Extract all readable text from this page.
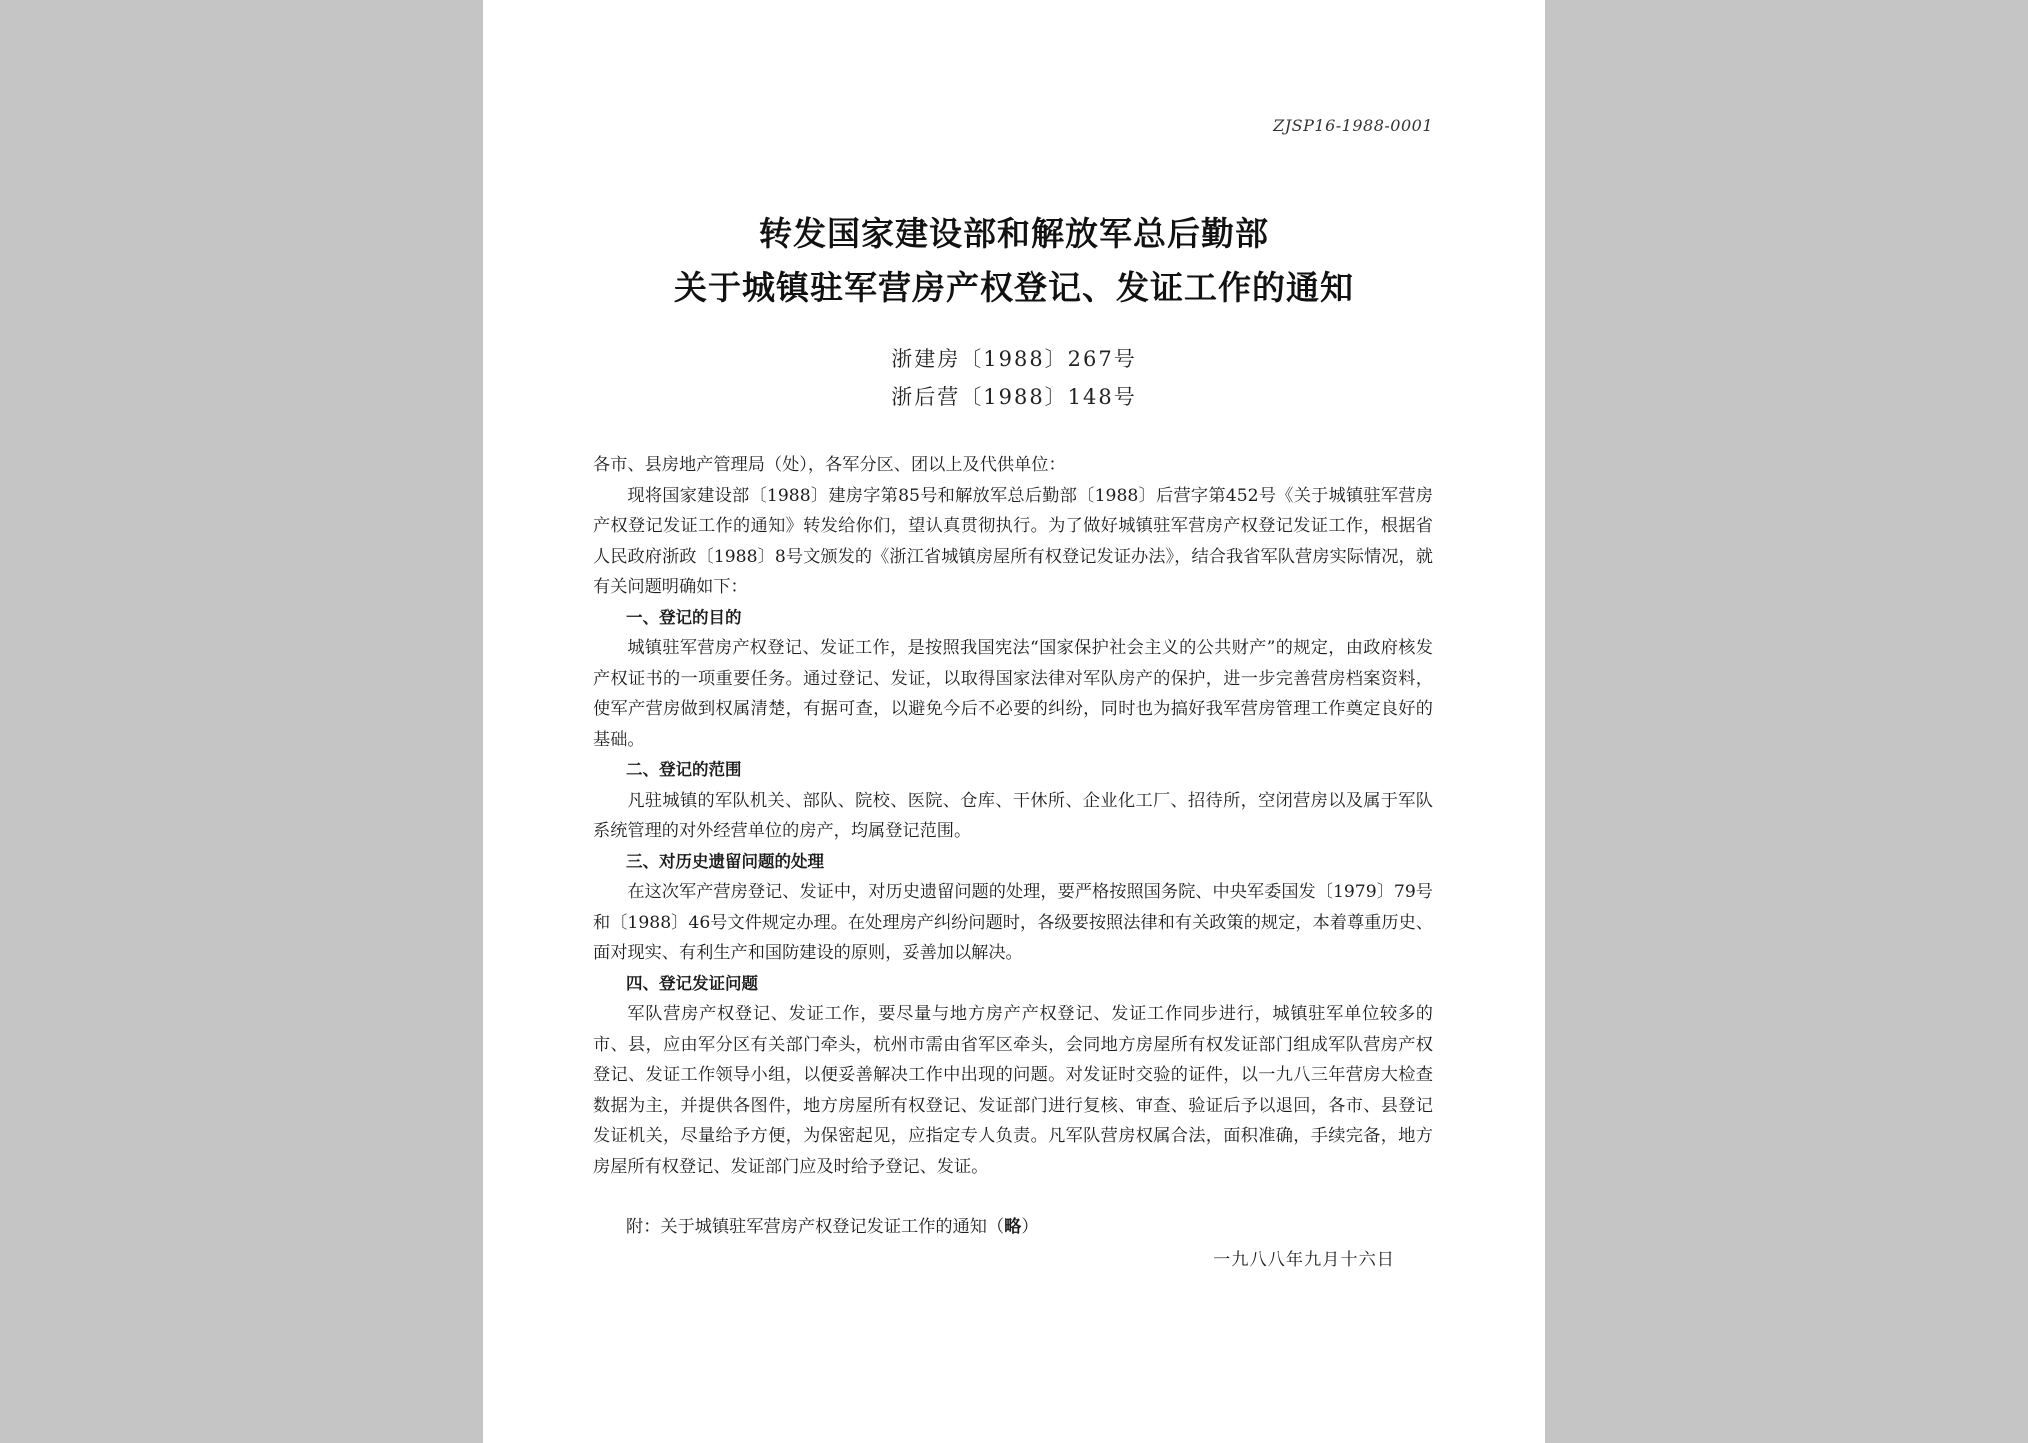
ZJSP16-1988-0001
转发国家建设部和解放军总后勤部
关于城镇驻军营房产权登记、发证工作的通知
浙建房〔1988〕267号
浙后营〔1988〕148号

各市、县房地产管理局（处），各军分区、团以上及代供单位：

现将国家建设部〔1988〕建房字第85号和解放军总后勤部〔1988〕后营字第452号《关于城镇驻军营房产权登记发证工作的通知》转发给你们，望认真贯彻执行。为了做好城镇驻军营房产权登记发证工作，根据省人民政府浙政〔1988〕8号文颁发的《浙江省城镇房屋所有权登记发证办法》，结合我省军队营房实际情况，就有关问题明确如下：

一、登记的目的

城镇驻军营房产权登记、发证工作，是按照我国宪法“国家保护社会主义的公共财产”的规定，由政府核发产权证书的一项重要任务。通过登记、发证，以取得国家法律对军队房产的保护，进一步完善营房档案资料，使军产营房做到权属清楚，有据可查，以避免今后不必要的纠纷，同时也为搞好我军营房管理工作奠定良好的基础。

二、登记的范围

凡驻城镇的军队机关、部队、院校、医院、仓库、干休所、企业化工厂、招待所，空闭营房以及属于军队系统管理的对外经营单位的房产，均属登记范围。

三、对历史遗留问题的处理

在这次军产营房登记、发证中，对历史遗留问题的处理，要严格按照国务院、中央军委国发〔1979〕79号和〔1988〕46号文件规定办理。在处理房产纠纷问题时，各级要按照法律和有关政策的规定，本着尊重历史、面对现实、有利生产和国防建设的原则，妥善加以解决。

四、登记发证问题

军队营房产权登记、发证工作，要尽量与地方房产产权登记、发证工作同步进行，城镇驻军单位较多的市、县，应由军分区有关部门牵头，杭州市需由省军区牵头，会同地方房屋所有权发证部门组成军队营房产权登记、发证工作领导小组，以便妥善解决工作中出现的问题。对发证时交验的证件，以一九八三年营房大检查数据为主，并提供各图件，地方房屋所有权登记、发证部门进行复核、审查、验证后予以退回，各市、县登记发证机关，尽量给予方便，为保密起见，应指定专人负责。凡军队营房权属合法，面积准确，手续完备，地方房屋所有权登记、发证部门应及时给予登记、发证。

附：关于城镇驻军营房产权登记发证工作的通知（略）
一九八八年九月十六日
